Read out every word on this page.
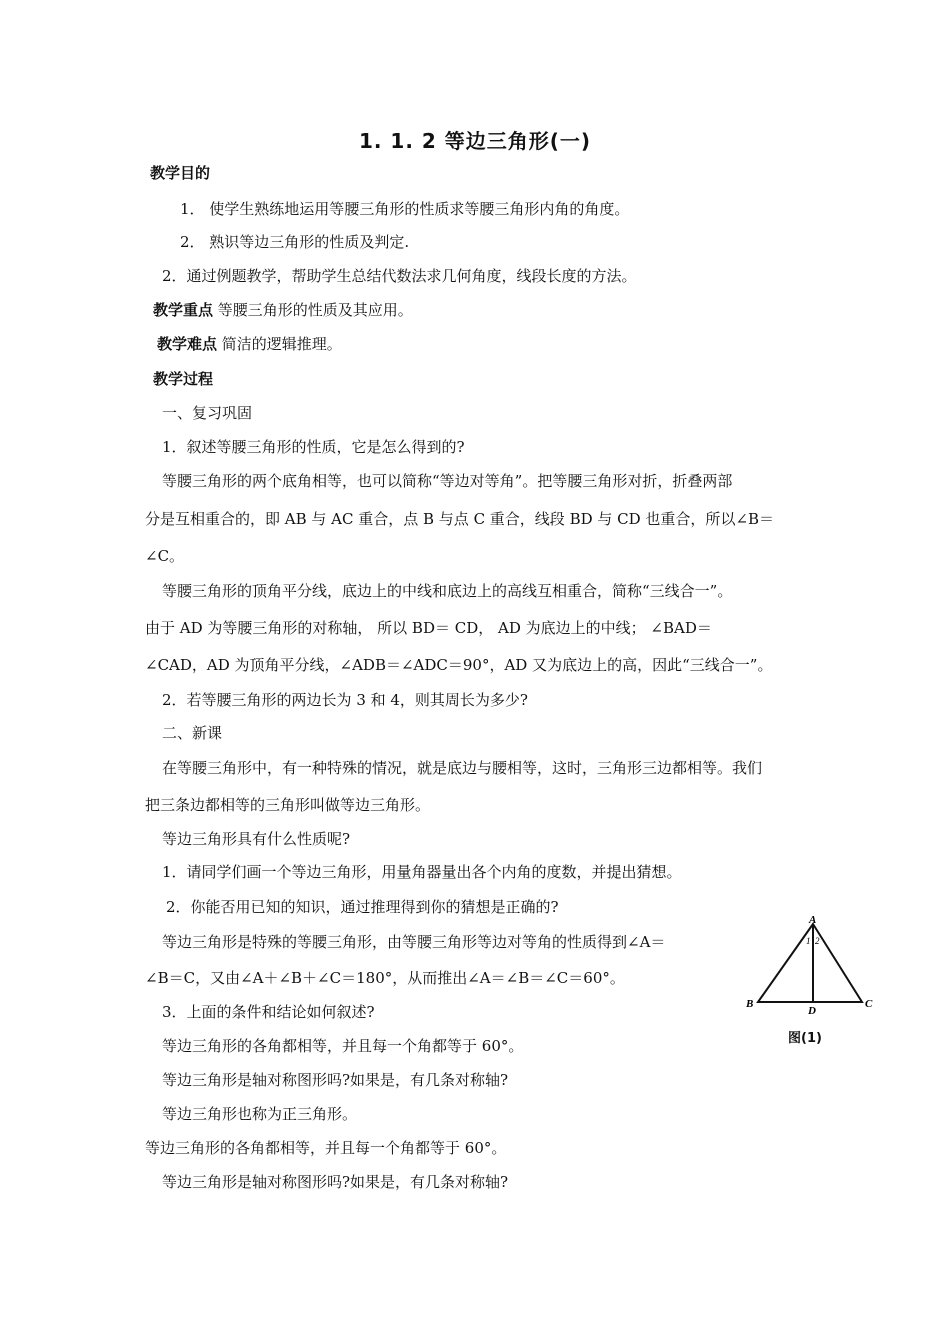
1. 1. 2 等边三角形(一)
教学目的
1． 使学生熟练地运用等腰三角形的性质求等腰三角形内角的角度。
2． 熟识等边三角形的性质及判定.
2．通过例题教学，帮助学生总结代数法求几何角度，线段长度的方法。
教学重点 等腰三角形的性质及其应用。
教学难点 简洁的逻辑推理。
教学过程
一、复习巩固
1．叙述等腰三角形的性质，它是怎么得到的?
等腰三角形的两个底角相等，也可以简称“等边对等角”。把等腰三角形对折，折叠两部
分是互相重合的，即 AB 与 AC 重合，点 B 与点 C 重合，线段 BD 与 CD 也重合，所以∠B＝
∠C。
等腰三角形的顶角平分线，底边上的中线和底边上的高线互相重合，简称“三线合一”。
由于 AD 为等腰三角形的对称轴， 所以 BD＝ CD， AD 为底边上的中线； ∠BAD＝
∠CAD，AD 为顶角平分线，∠ADB＝∠ADC＝90°，AD 又为底边上的高，因此“三线合一”。
2．若等腰三角形的两边长为 3 和 4，则其周长为多少?
二、新课
在等腰三角形中，有一种特殊的情况，就是底边与腰相等，这时，三角形三边都相等。我们
把三条边都相等的三角形叫做等边三角形。
等边三角形具有什么性质呢?
1．请同学们画一个等边三角形，用量角器量出各个内角的度数，并提出猜想。
2．你能否用已知的知识，通过推理得到你的猜想是正确的?
等边三角形是特殊的等腰三角形，由等腰三角形等边对等角的性质得到∠A＝
∠B＝C，又由∠A＋∠B＋∠C＝180°，从而推出∠A＝∠B＝∠C＝60°。
3．上面的条件和结论如何叙述?
等边三角形的各角都相等，并且每一个角都等于 60°。
等边三角形是轴对称图形吗?如果是，有几条对称轴?
等边三角形也称为正三角形。
等边三角形的各角都相等，并且每一个角都等于 60°。
等边三角形是轴对称图形吗?如果是，有几条对称轴?
A
B	C
D
1 2
图(1)
